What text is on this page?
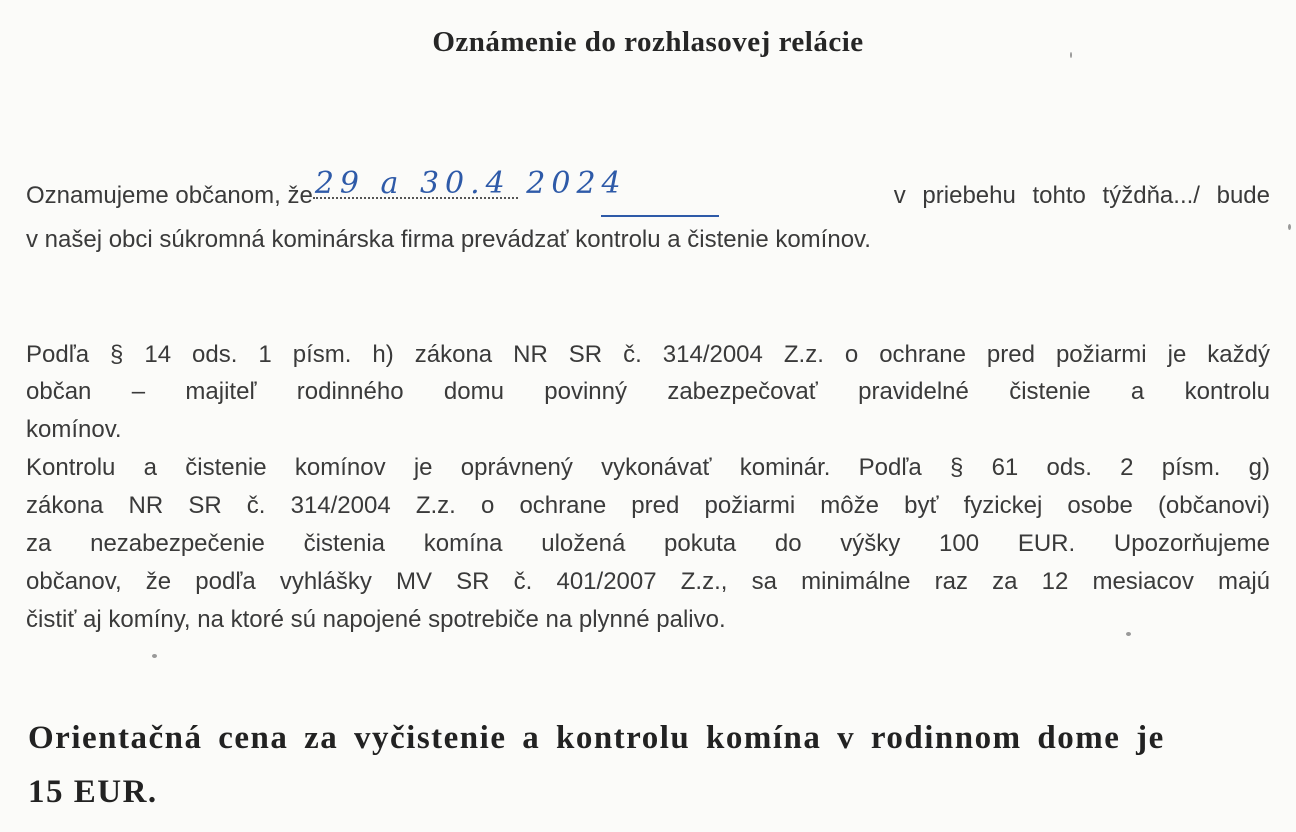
Oznámenie do rozhlasovej relácie
Oznamujeme občanom, že 29 a 30.4 2024	v priebehu tohto týždňa.../ bude
v našej obci súkromná kominárska firma prevádzať kontrolu a čistenie komínov.
Podľa § 14 ods. 1 písm. h) zákona NR SR č. 314/2004 Z.z. o ochrane pred požiarmi je každý
občan – majiteľ rodinného domu povinný zabezpečovať pravidelné čistenie a kontrolu
komínov.
Kontrolu a čistenie komínov je oprávnený vykonávať kominár. Podľa § 61 ods. 2 písm. g)
zákona NR SR č. 314/2004 Z.z. o ochrane pred požiarmi môže byť fyzickej osobe (občanovi)
za nezabezpečenie čistenia komína uložená pokuta do výšky 100 EUR. Upozorňujeme
občanov, že podľa vyhlášky MV SR č. 401/2007 Z.z., sa minimálne raz za 12 mesiacov majú
čistiť aj komíny, na ktoré sú napojené spotrebiče na plynné palivo.
Orientačná cena za vyčistenie a kontrolu komína v rodinnom dome je
15 EUR.
